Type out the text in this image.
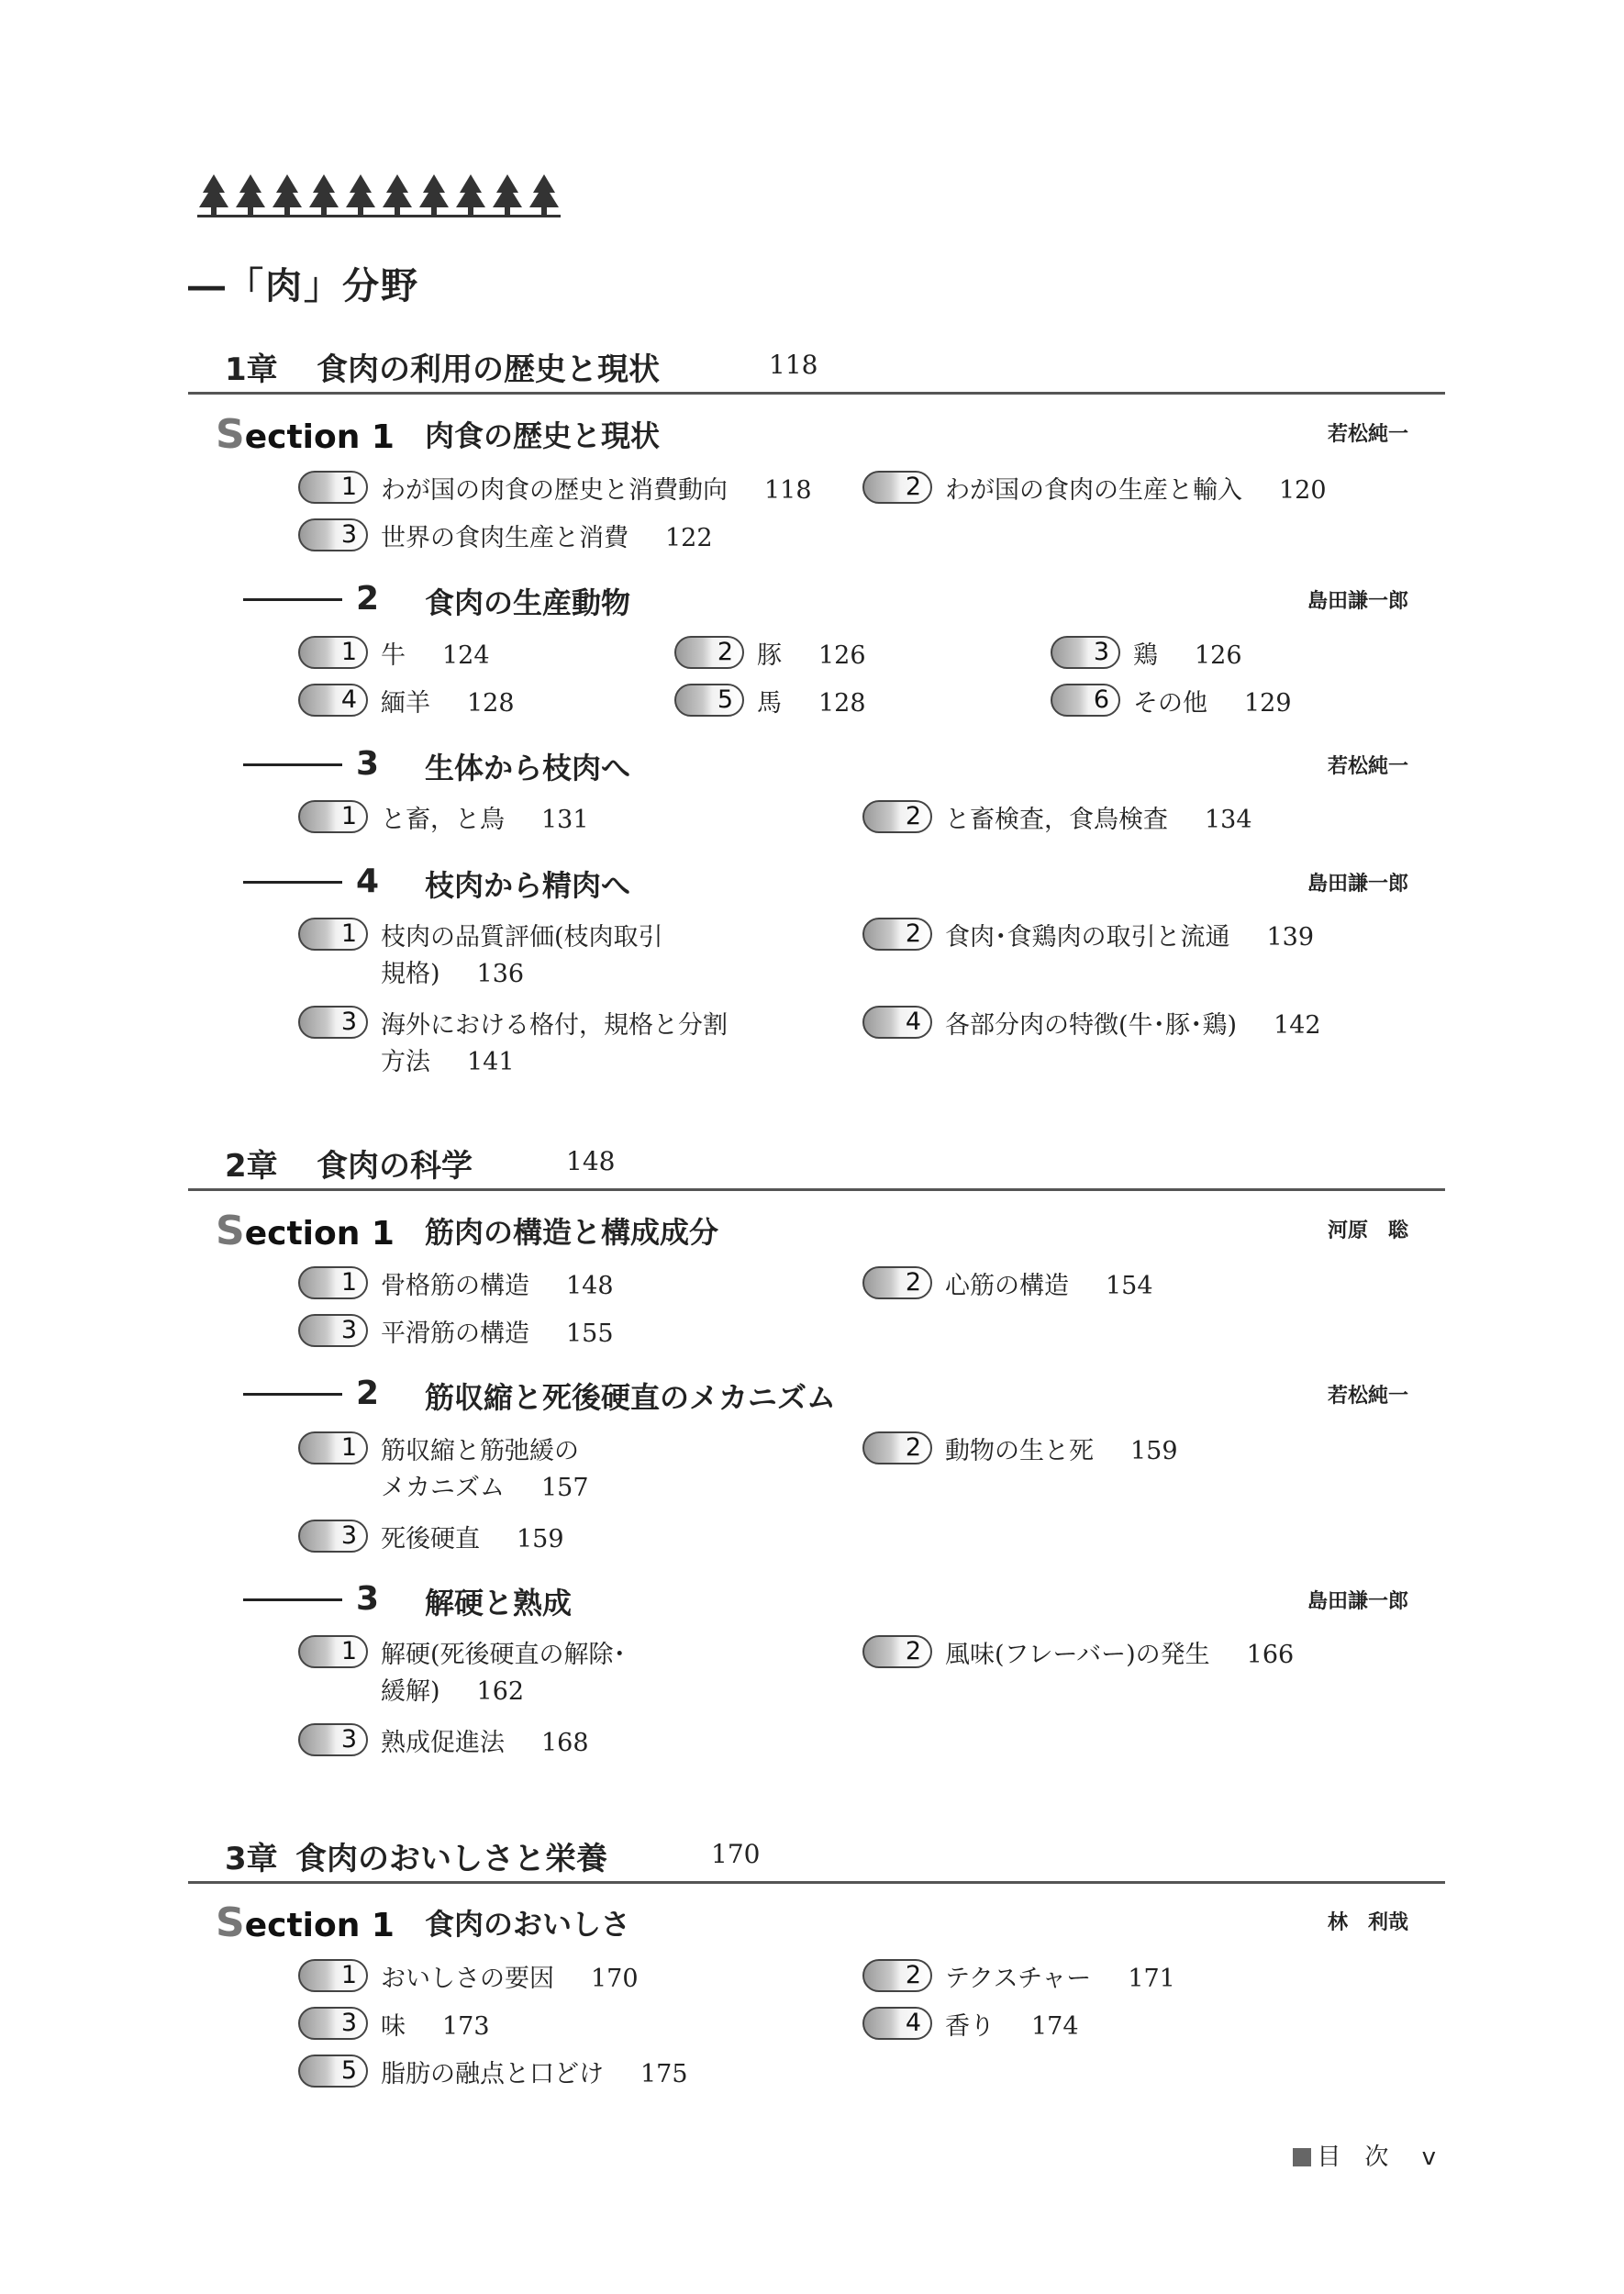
―「肉」分野
1章 食肉の利用の歴史と現状	118
Section 1 肉食の歴史と現状	若松純一
1 わが国の肉食の歴史と消費動向 118	2 わが国の食肉の生産と輸入 120
3 世界の食肉生産と消費 122
2 食肉の生産動物	島田謙一郎
1 牛 124	2 豚 126	3 鶏 126
4 緬羊 128	5 馬 128	6 その他 129
3 生体から枝肉へ	若松純一
1 と畜，と鳥 131	2 と畜検査，食鳥検査 134
4 枝肉から精肉へ	島田謙一郎
1 枝肉の品質評価(枝肉取引
規格) 136
2 食肉･食鶏肉の取引と流通 139
3 海外における格付，規格と分割
方法 141
4 各部分肉の特徴(牛･豚･鶏) 142
2章 食肉の科学	148
Section 1 筋肉の構造と構成成分	河原　聡
1 骨格筋の構造 148	2 心筋の構造 154
3 平滑筋の構造 155
2 筋収縮と死後硬直のメカニズム	若松純一
1 筋収縮と筋弛緩の
メカニズム 157
2 動物の生と死 159
3 死後硬直 159
3 解硬と熟成	島田謙一郎
1 解硬(死後硬直の解除･
緩解) 162
2 風味(フレーバー)の発生 166
3 熟成促進法 168
3章 食肉のおいしさと栄養	170
Section 1 食肉のおいしさ	林　利哉
1 おいしさの要因 170	2 テクスチャー 171
3 味 173	4 香り 174
5 脂肪の融点と口どけ 175
目　次 v
